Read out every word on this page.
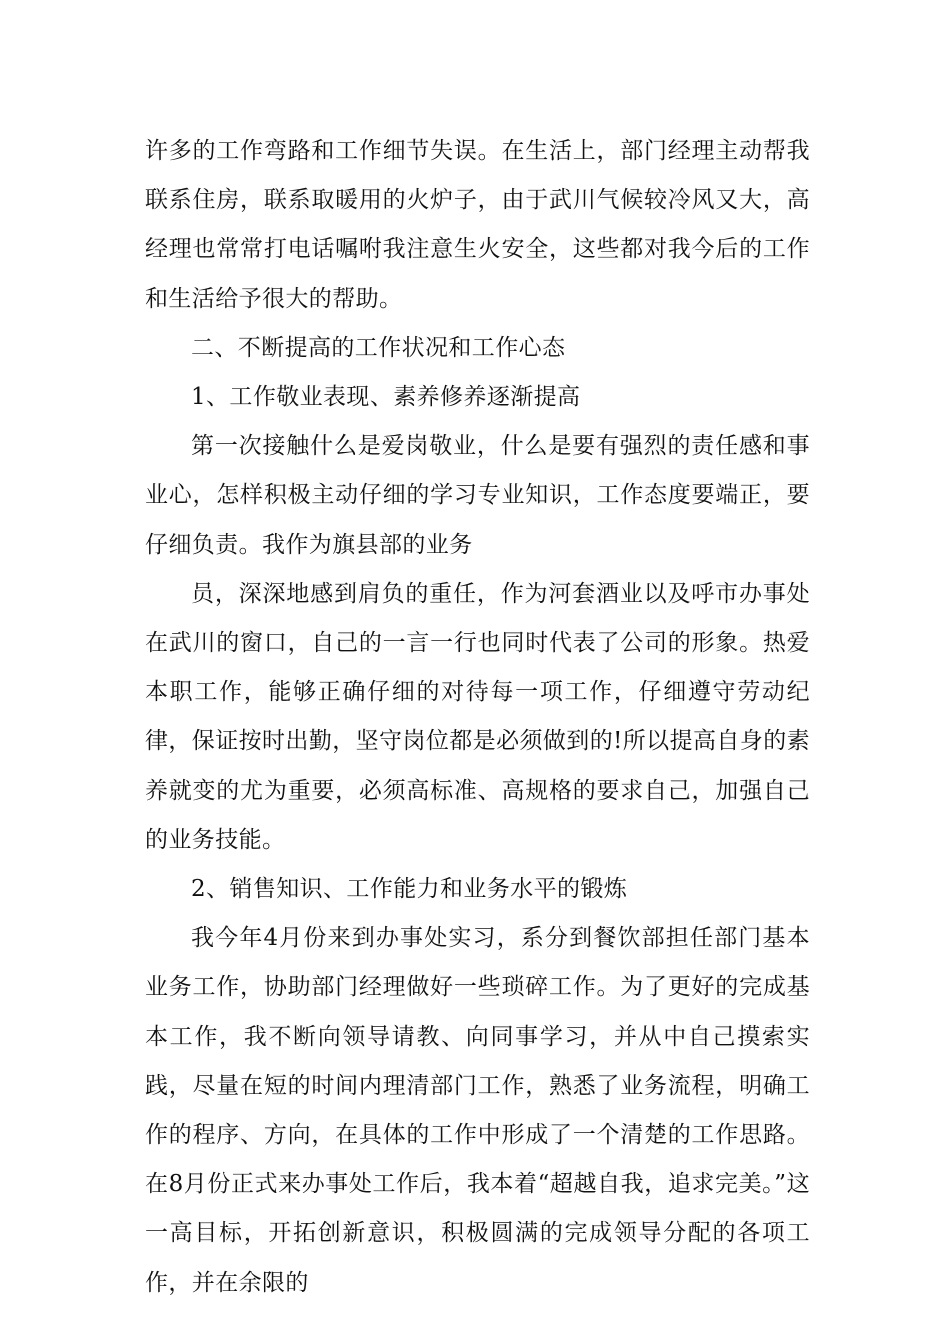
许多的工作弯路和工作细节失误。在生活上，部门经理主动帮我联系住房，联系取暖用的火炉子，由于武川气候较冷风又大，高经理也常常打电话嘱咐我注意生火安全，这些都对我今后的工作和生活给予很大的帮助。

二、不断提高的工作状况和工作心态

1、工作敬业表现、素养修养逐渐提高

第一次接触什么是爱岗敬业，什么是要有强烈的责任感和事业心，怎样积极主动仔细的学习专业知识，工作态度要端正，要仔细负责。我作为旗县部的业务

员，深深地感到肩负的重任，作为河套酒业以及呼市办事处在武川的窗口，自己的一言一行也同时代表了公司的形象。热爱本职工作，能够正确仔细的对待每一项工作，仔细遵守劳动纪律，保证按时出勤，坚守岗位都是必须做到的!所以提高自身的素养就变的尤为重要，必须高标准、高规格的要求自己，加强自己的业务技能。

2、销售知识、工作能力和业务水平的锻炼

我今年4月份来到办事处实习，系分到餐饮部担任部门基本业务工作，协助部门经理做好一些琐碎工作。为了更好的完成基本工作，我不断向领导请教、向同事学习，并从中自己摸索实践，尽量在短的时间内理清部门工作，熟悉了业务流程，明确工作的程序、方向，在具体的工作中形成了一个清楚的工作思路。在8月份正式来办事处工作后，我本着“超越自我，追求完美。”这一高目标，开拓创新意识，积极圆满的完成领导分配的各项工作，并在余限的
